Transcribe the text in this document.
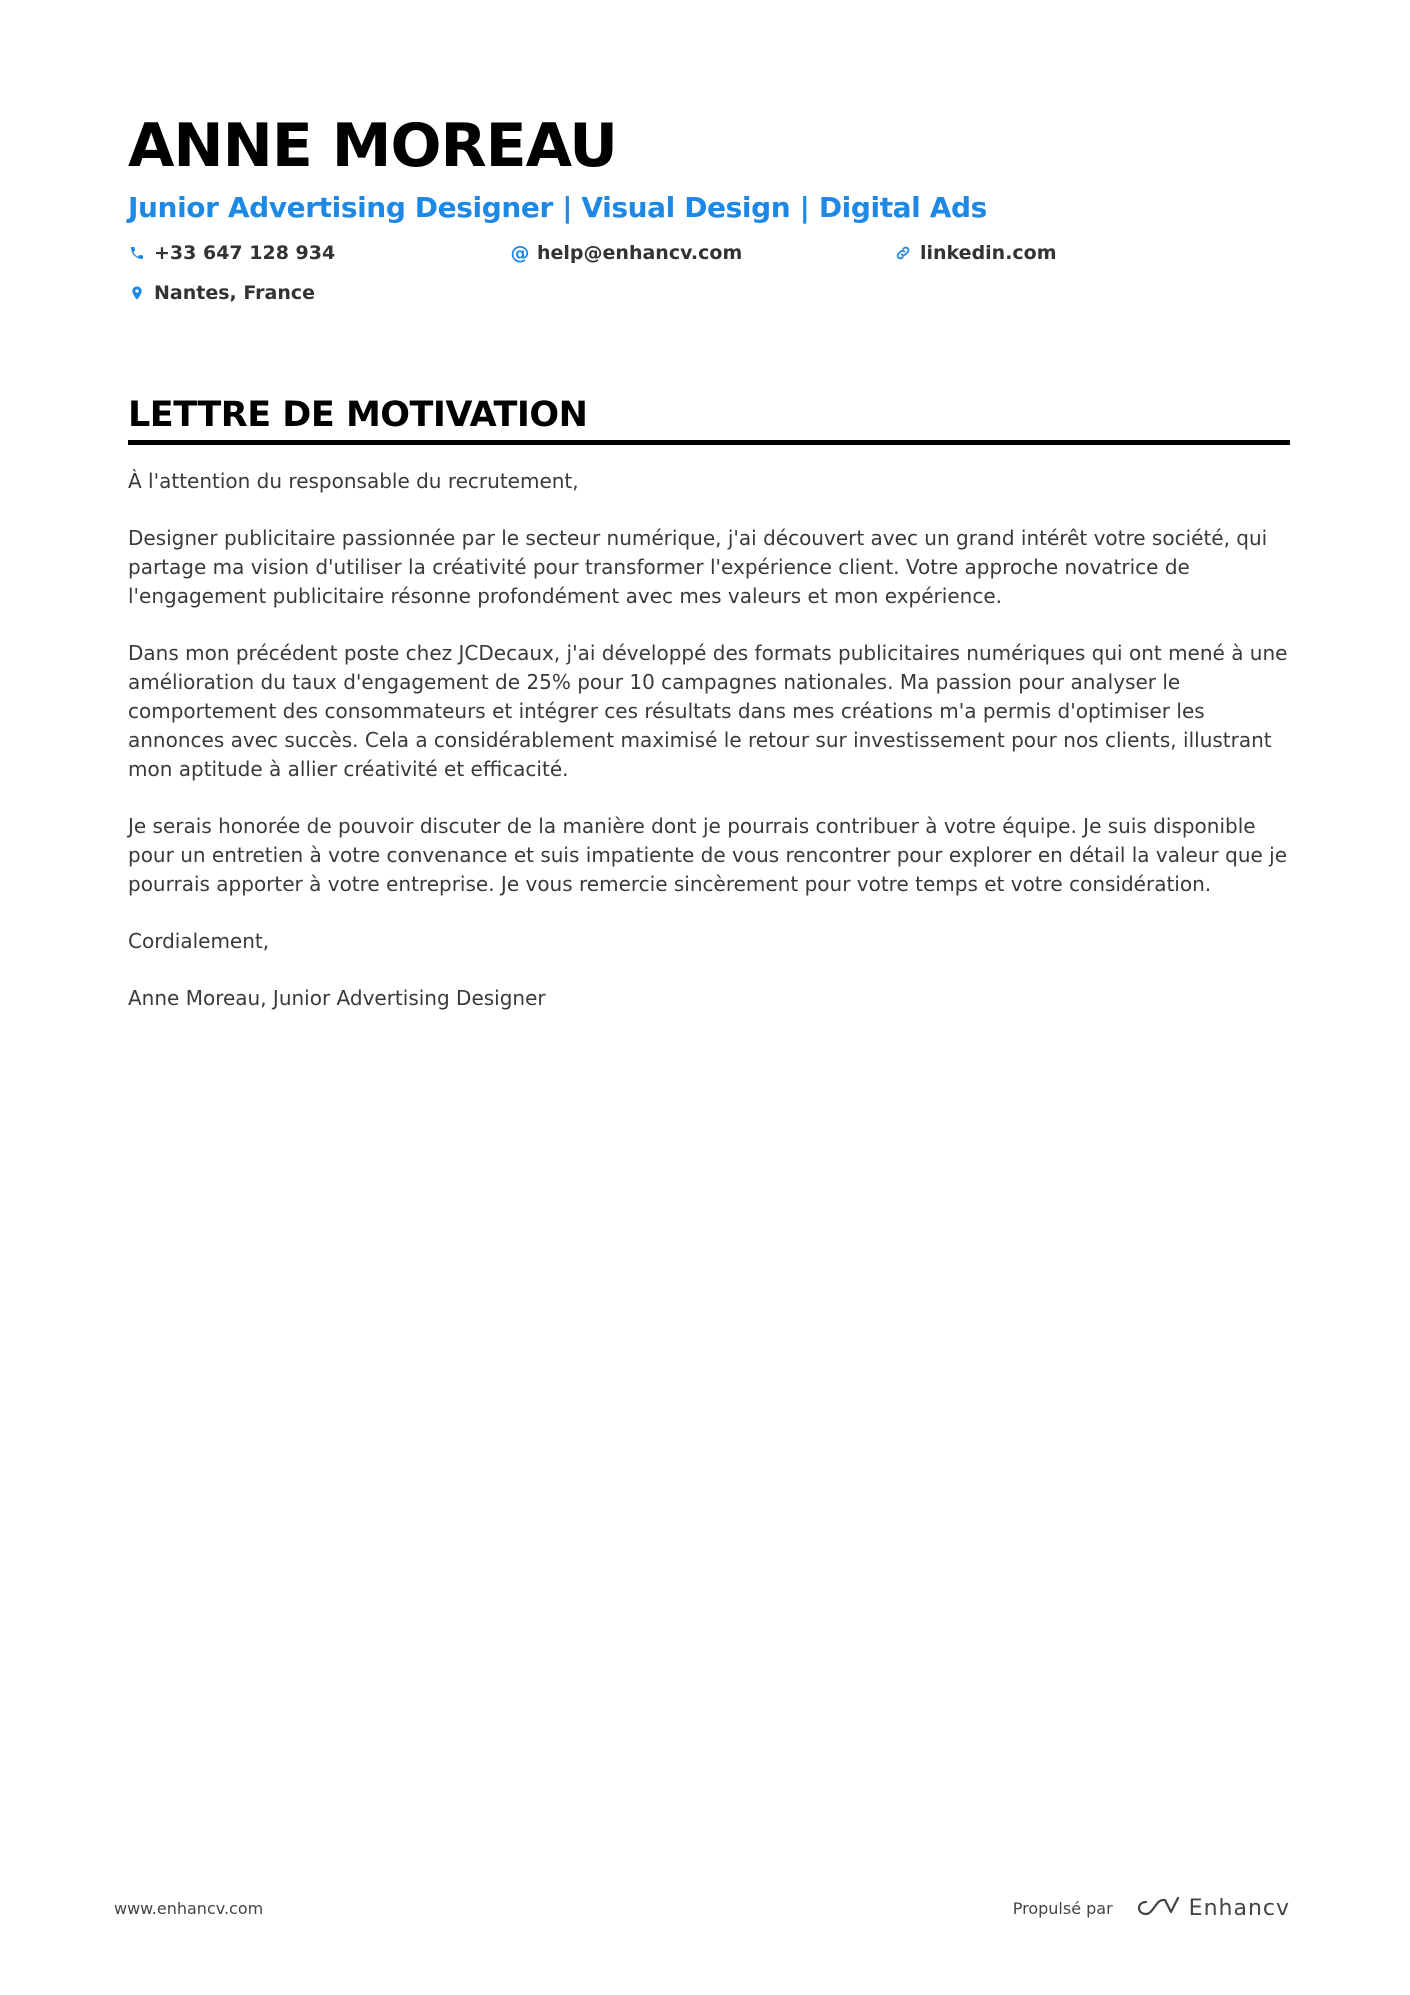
ANNE MOREAU
Junior Advertising Designer | Visual Design | Digital Ads
+33 647 128 934	@ help@enhancv.com	linkedin.com
Nantes, France
LETTRE DE MOTIVATION

À l'attention du responsable du recrutement,

Designer publicitaire passionnée par le secteur numérique, j'ai découvert avec un grand intérêt votre société, qui partage ma vision d'utiliser la créativité pour transformer l'expérience client. Votre approche novatrice de l'engagement publicitaire résonne profondément avec mes valeurs et mon expérience.

Dans mon précédent poste chez JCDecaux, j'ai développé des formats publicitaires numériques qui ont mené à une amélioration du taux d'engagement de 25% pour 10 campagnes nationales. Ma passion pour analyser le comportement des consommateurs et intégrer ces résultats dans mes créations m'a permis d'optimiser les annonces avec succès. Cela a considérablement maximisé le retour sur investissement pour nos clients, illustrant mon aptitude à allier créativité et efficacité.

Je serais honorée de pouvoir discuter de la manière dont je pourrais contribuer à votre équipe. Je suis disponible pour un entretien à votre convenance et suis impatiente de vous rencontrer pour explorer en détail la valeur que je pourrais apporter à votre entreprise. Je vous remercie sincèrement pour votre temps et votre considération.

Cordialement,

Anne Moreau, Junior Advertising Designer

www.enhancv.com	Propulsé par	Enhancv
